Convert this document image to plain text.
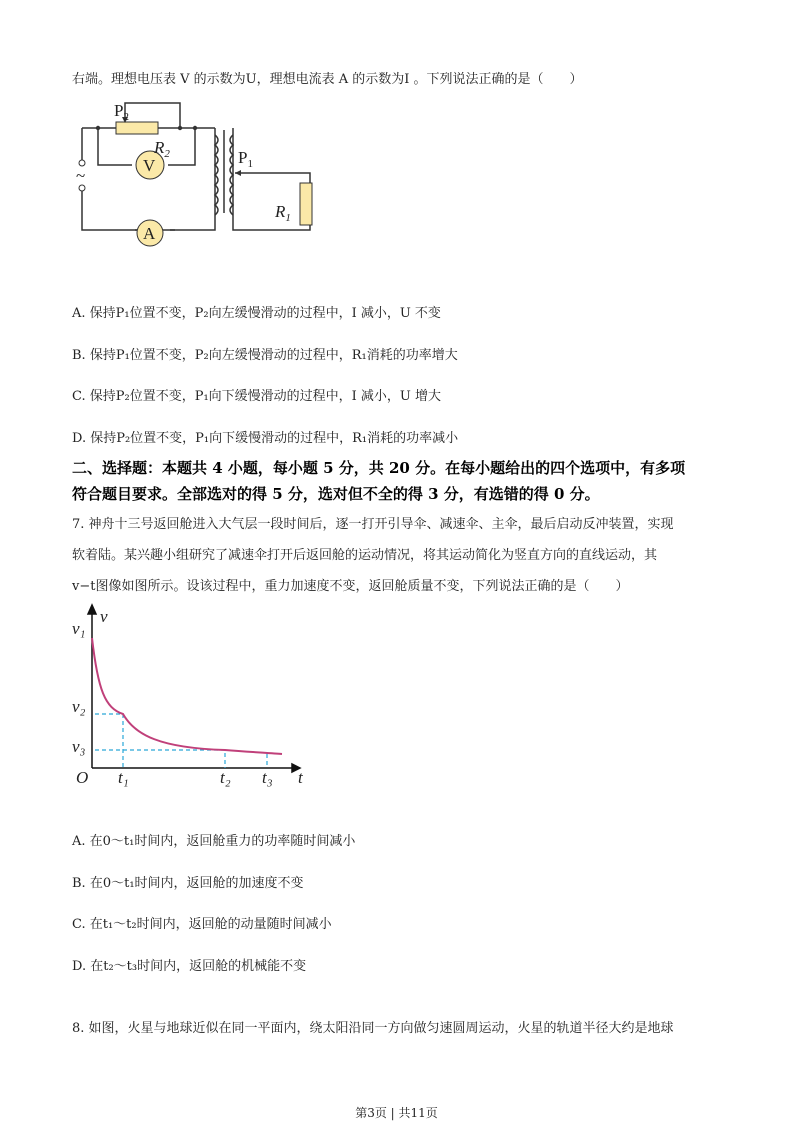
右端。理想电压表 V 的示数为U，理想电流表 A 的示数为I 。下列说法正确的是（　　）
$P_2$
$R_2$
V
A
$P_1$
$R_1$
~
A. 保持P₁位置不变，P₂向左缓慢滑动的过程中，I 减小，U 不变
B. 保持P₁位置不变，P₂向左缓慢滑动的过程中，R₁消耗的功率增大
C. 保持P₂位置不变，P₁向下缓慢滑动的过程中，I 减小，U 增大
D. 保持P₂位置不变，P₁向下缓慢滑动的过程中，R₁消耗的功率减小
二、选择题：本题共 4 小题，每小题 5 分，共 20 分。在每小题给出的四个选项中，有多项
符合题目要求。全部选对的得 5 分，选对但不全的得 3 分，有选错的得 0 分。
7. 神舟十三号返回舱进入大气层一段时间后，逐一打开引导伞、减速伞、主伞，最后启动反冲装置，实现
软着陆。某兴趣小组研究了减速伞打开后返回舱的运动情况，将其运动简化为竖直方向的直线运动，其
v−t图像如图所示。设该过程中，重力加速度不变，返回舱质量不变，下列说法正确的是（　　）
v
v₁
v₂
v₃
O t₁	t₂ t₃ t
A. 在0～t₁时间内，返回舱重力的功率随时间减小
B. 在0～t₁时间内，返回舱的加速度不变
C. 在t₁～t₂时间内，返回舱的动量随时间减小
D. 在t₂～t₃时间内，返回舱的机械能不变
8. 如图，火星与地球近似在同一平面内，绕太阳沿同一方向做匀速圆周运动，火星的轨道半径大约是地球
第3页 | 共11页
